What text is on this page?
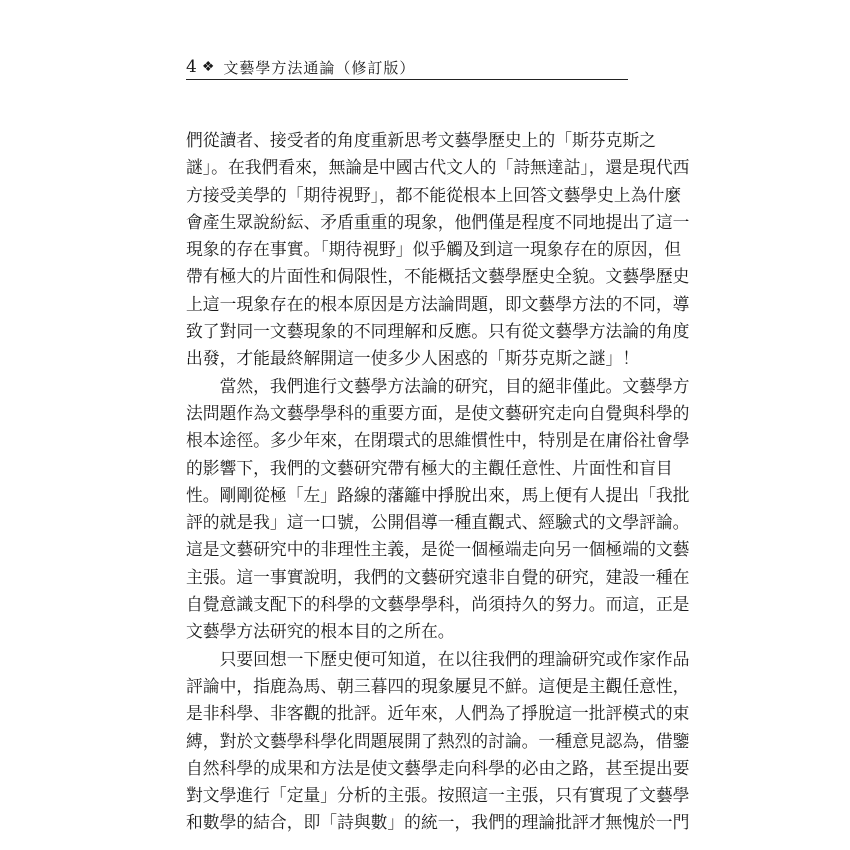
4 ❖ 文藝學方法通論（修訂版）
們從讀者、接受者的角度重新思考文藝學歷史上的「斯芬克斯之
謎」。在我們看來，無論是中國古代文人的「詩無達詁」，還是現代西
方接受美學的「期待視野」，都不能從根本上回答文藝學史上為什麼
會產生眾說紛紜、矛盾重重的現象，他們僅是程度不同地提出了這一
現象的存在事實。「期待視野」似乎觸及到這一現象存在的原因，但
帶有極大的片面性和侷限性，不能概括文藝學歷史全貌。文藝學歷史
上這一現象存在的根本原因是方法論問題，即文藝學方法的不同，導
致了對同一文藝現象的不同理解和反應。只有從文藝學方法論的角度
出發，才能最終解開這一使多少人困惑的「斯芬克斯之謎」！
　　當然，我們進行文藝學方法論的研究，目的絕非僅此。文藝學方
法問題作為文藝學學科的重要方面，是使文藝研究走向自覺與科學的
根本途徑。多少年來，在閉環式的思維慣性中，特別是在庸俗社會學
的影響下，我們的文藝研究帶有極大的主觀任意性、片面性和盲目
性。剛剛從極「左」路線的藩籬中掙脫出來，馬上便有人提出「我批
評的就是我」這一口號，公開倡導一種直觀式、經驗式的文學評論。
這是文藝研究中的非理性主義，是從一個極端走向另一個極端的文藝
主張。這一事實說明，我們的文藝研究遠非自覺的研究，建設一種在
自覺意識支配下的科學的文藝學學科，尚須持久的努力。而這，正是
文藝學方法研究的根本目的之所在。
　　只要回想一下歷史便可知道，在以往我們的理論研究或作家作品
評論中，指鹿為馬、朝三暮四的現象屢見不鮮。這便是主觀任意性，
是非科學、非客觀的批評。近年來，人們為了掙脫這一批評模式的束
縛，對於文藝學科學化問題展開了熱烈的討論。一種意見認為，借鑒
自然科學的成果和方法是使文藝學走向科學的必由之路，甚至提出要
對文學進行「定量」分析的主張。按照這一主張，只有實現了文藝學
和數學的結合，即「詩與數」的統一，我們的理論批評才無愧於一門
